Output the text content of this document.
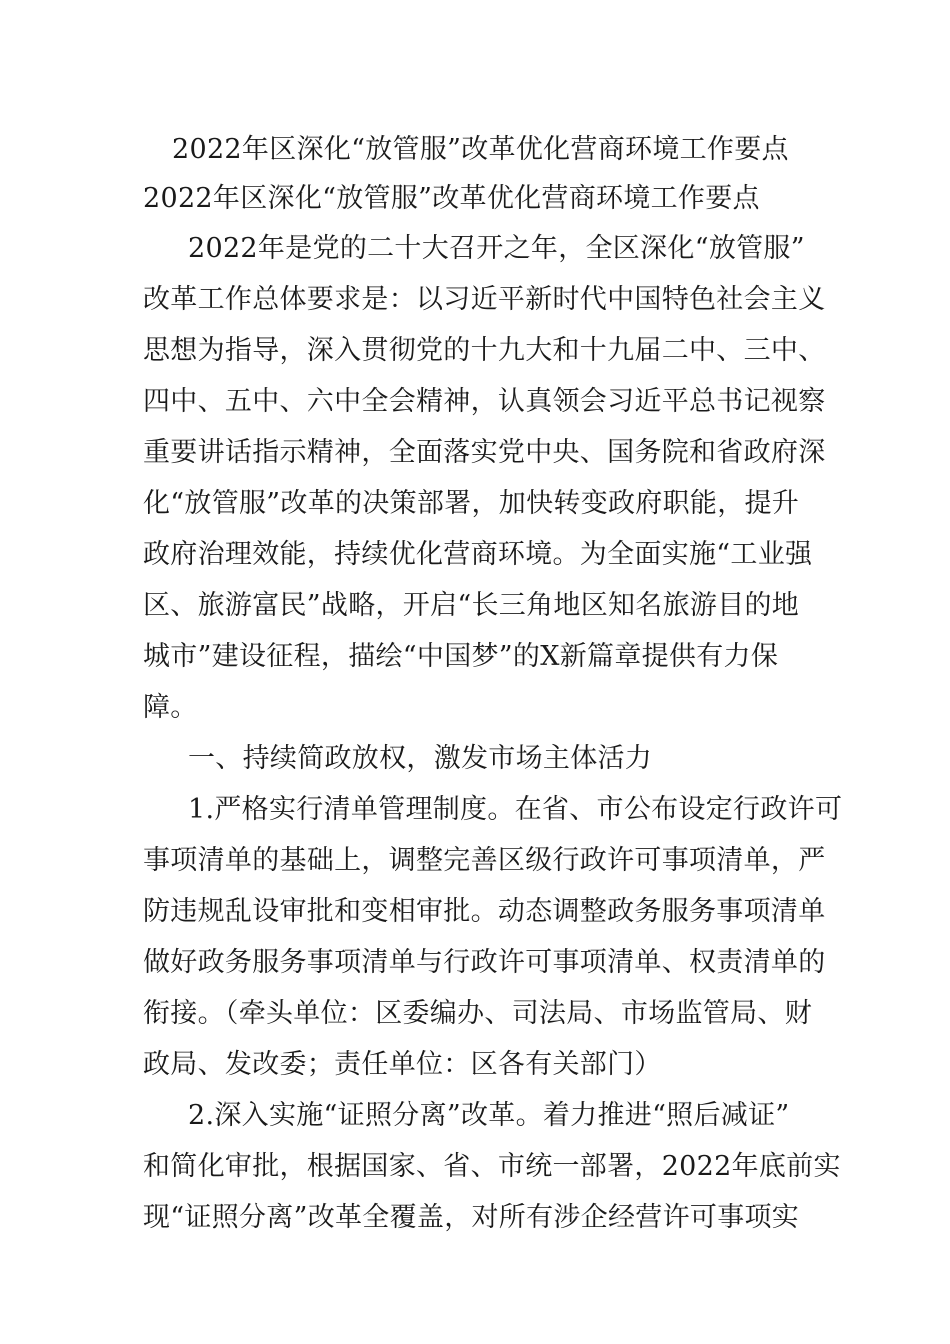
2022年区深化“放管服”改革优化营商环境工作要点
2022年区深化“放管服”改革优化营商环境工作要点
2022年是党的二十大召开之年，全区深化“放管服”
改革工作总体要求是：以习近平新时代中国特色社会主义
思想为指导，深入贯彻党的十九大和十九届二中、三中、
四中、五中、六中全会精神，认真领会习近平总书记视察
重要讲话指示精神，全面落实党中央、国务院和省政府深
化“放管服”改革的决策部署，加快转变政府职能，提升
政府治理效能，持续优化营商环境。为全面实施“工业强
区、旅游富民”战略，开启“长三角地区知名旅游目的地
城市”建设征程，描绘“中国梦”的X新篇章提供有力保
障。
一、持续简政放权，激发市场主体活力
1.严格实行清单管理制度。在省、市公布设定行政许可
事项清单的基础上，调整完善区级行政许可事项清单，严
防违规乱设审批和变相审批。动态调整政务服务事项清单
做好政务服务事项清单与行政许可事项清单、权责清单的
衔接。（牵头单位：区委编办、司法局、市场监管局、财
政局、发改委；责任单位：区各有关部门）
2.深入实施“证照分离”改革。着力推进“照后减证”
和简化审批，根据国家、省、市统一部署，2022年底前实
现“证照分离”改革全覆盖，对所有涉企经营许可事项实
